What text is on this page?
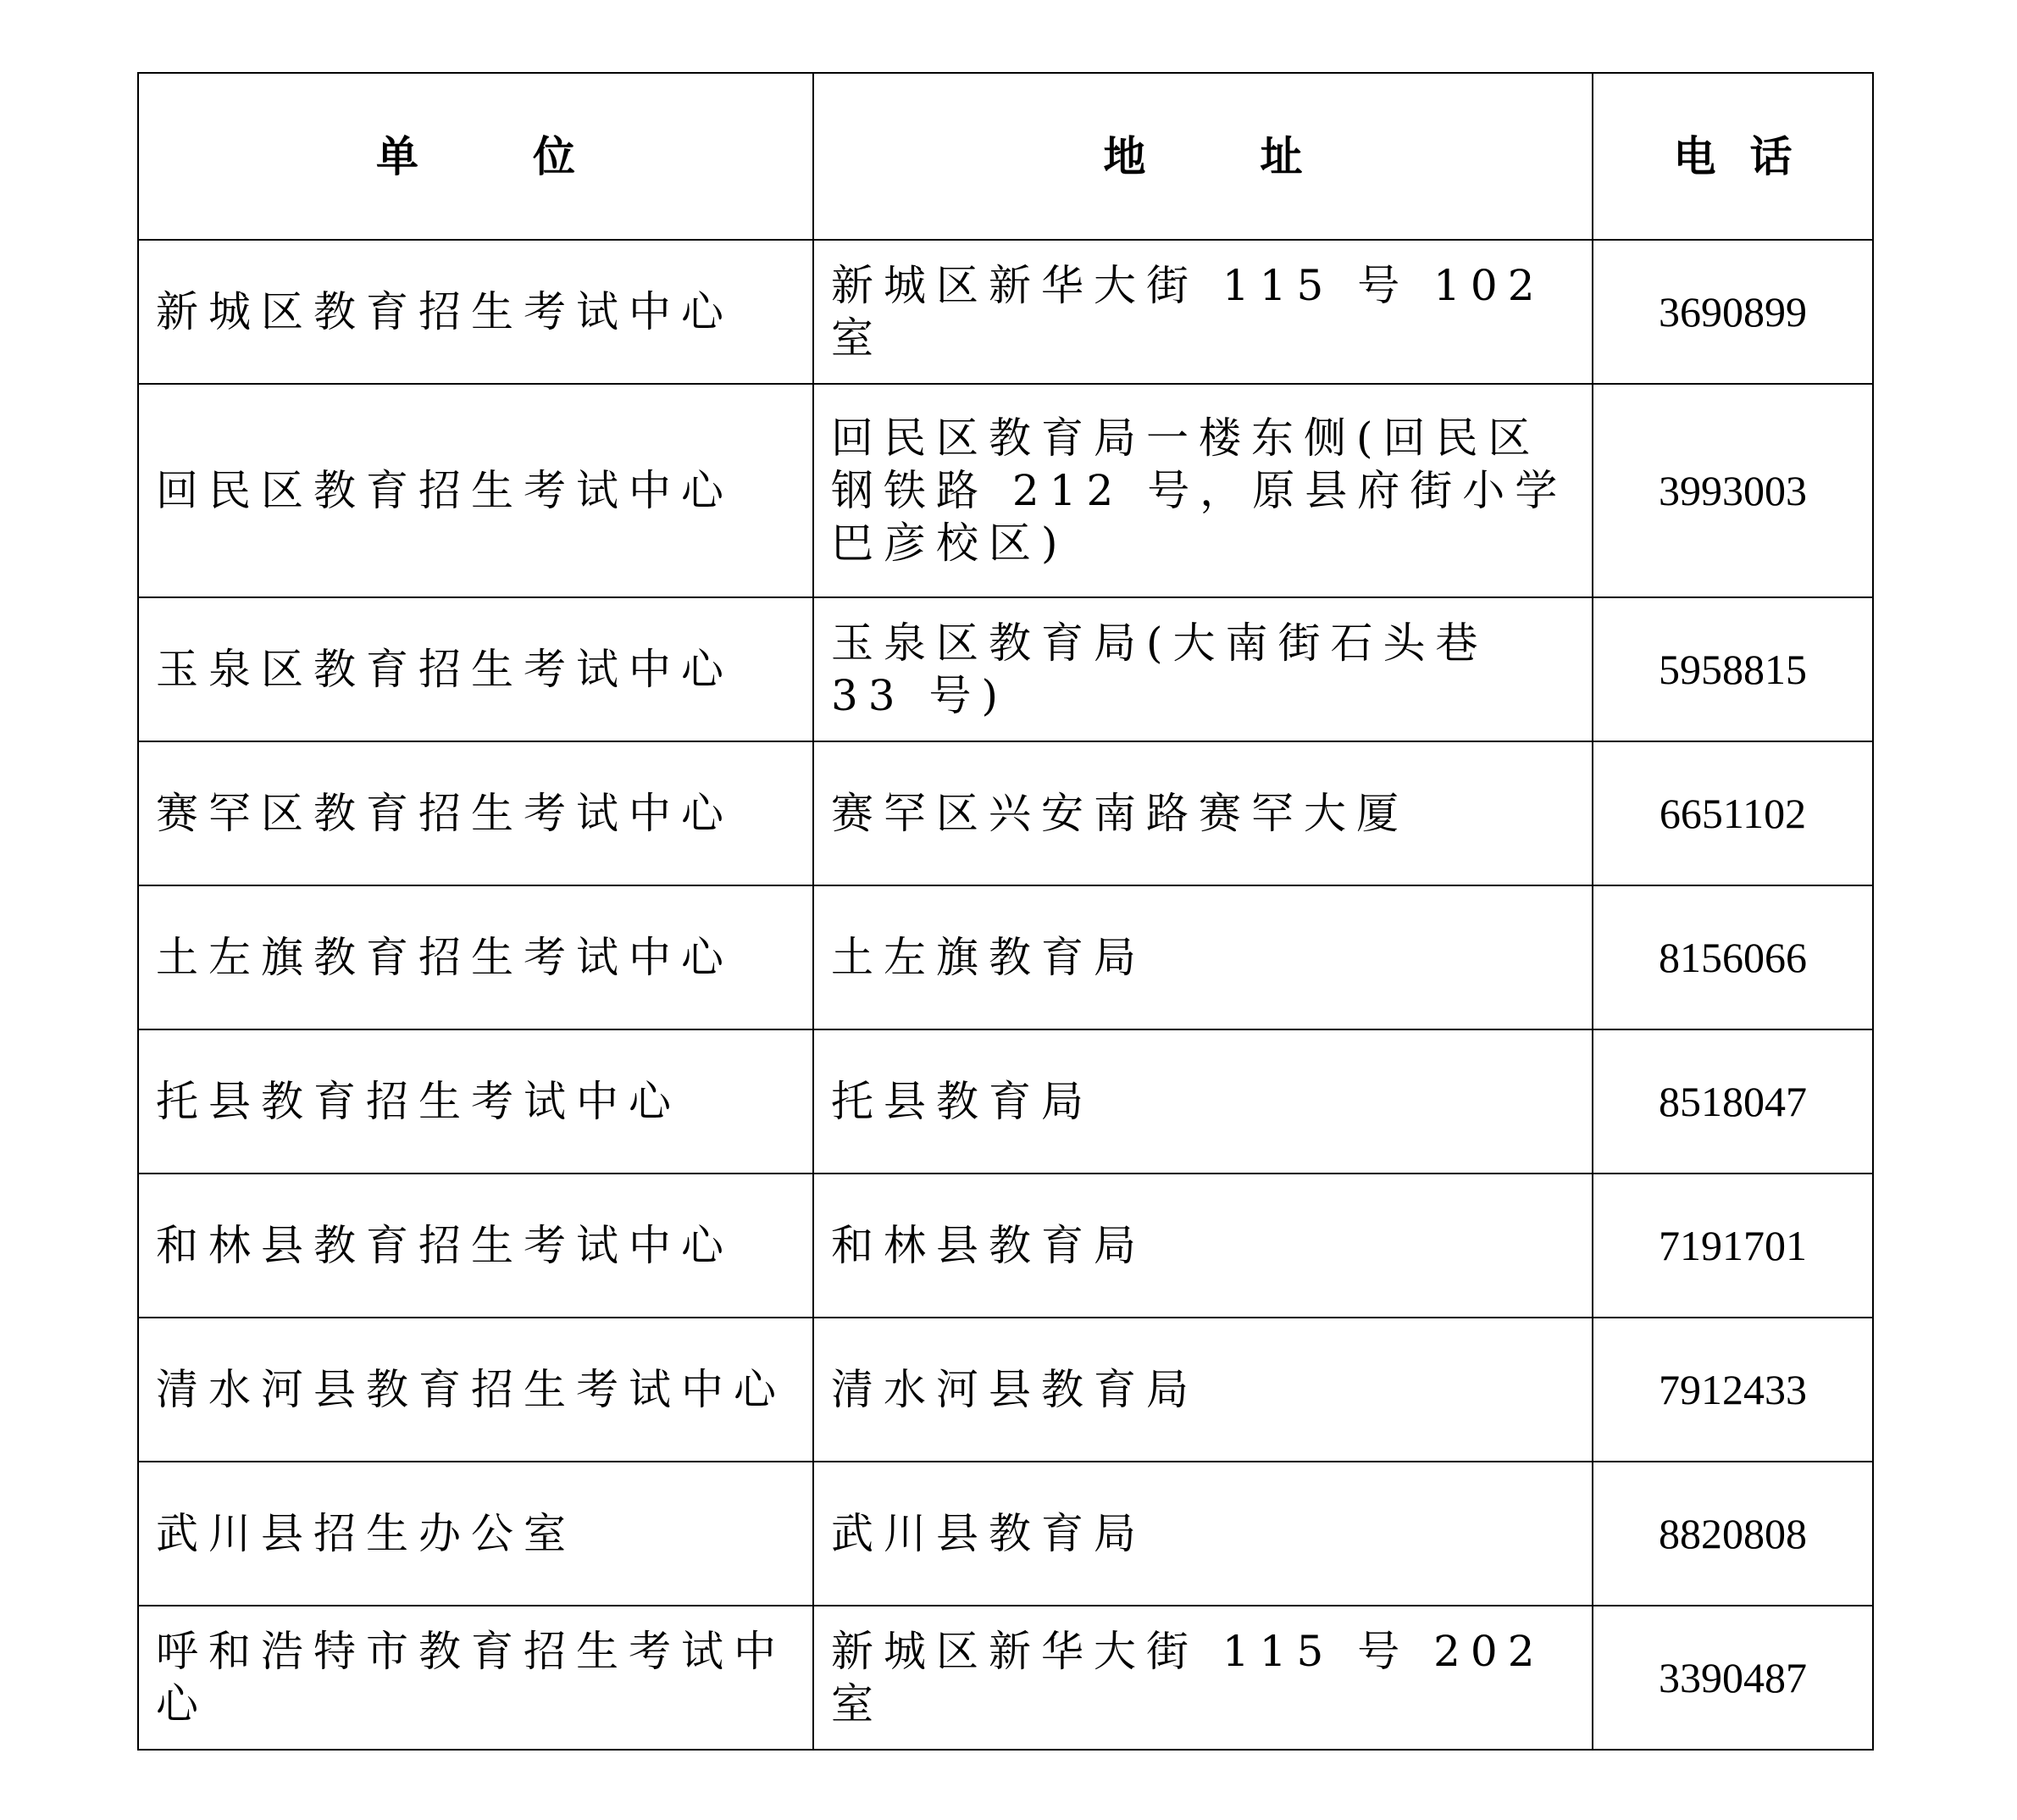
单 位	地 址	电 话
新城区教育招生考试中心	新城区新华大街 115 号 102 室	3690899
回民区教育招生考试中心	回民区教育局一楼东侧(回民区钢铁路 212 号，原县府街小学巴彦校区)	3993003
玉泉区教育招生考试中心	玉泉区教育局(大南街石头巷 33 号)	5958815
赛罕区教育招生考试中心	赛罕区兴安南路赛罕大厦	6651102
土左旗教育招生考试中心	土左旗教育局	8156066
托县教育招生考试中心	托县教育局	8518047
和林县教育招生考试中心	和林县教育局	7191701
清水河县教育招生考试中心	清水河县教育局	7912433
武川县招生办公室	武川县教育局	8820808
呼和浩特市教育招生考试中心	新城区新华大街 115 号 202 室	3390487
